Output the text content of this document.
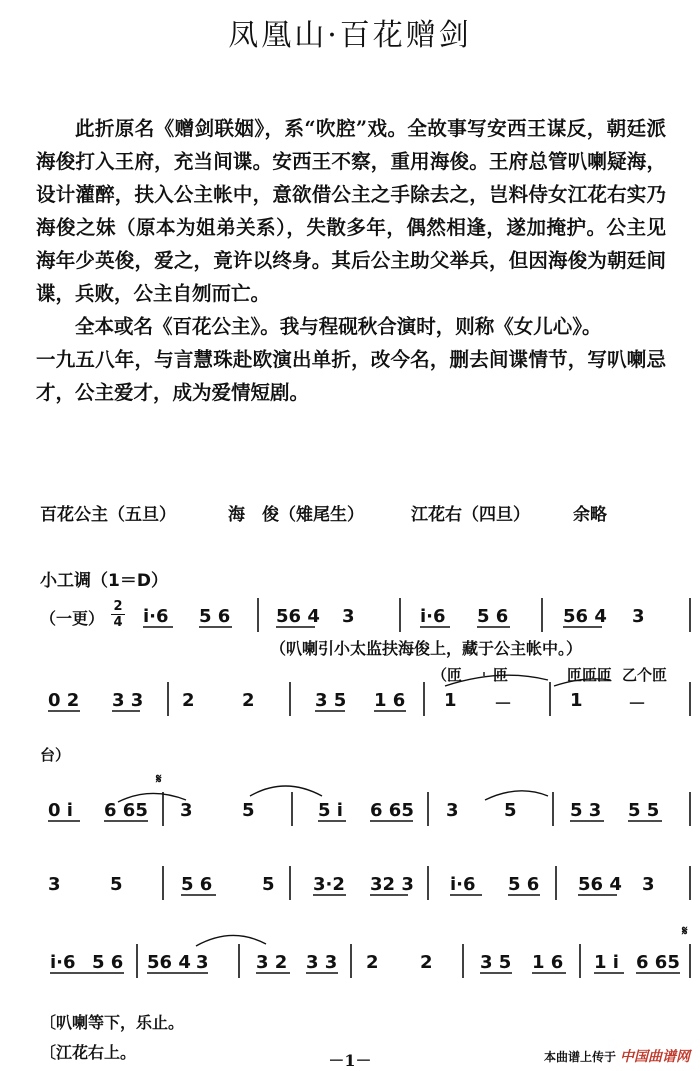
凤凰山·百花赠剑

此折原名《赠剑联姻》，系“吹腔”戏。全故事写安西王谋反，朝廷派海俊打入王府，充当间谍。安西王不察，重用海俊。王府总管叭喇疑海，设计灌醉，扶入公主帐中，意欲借公主之手除去之，岂料侍女江花右实乃海俊之妹（原本为姐弟关系），失散多年，偶然相逢，遂加掩护。公主见海年少英俊，爱之，竟许以终身。其后公主助父举兵，但因海俊为朝廷间谍，兵败，公主自刎而亡。

全本或名《百花公主》。我与程砚秋合演时，则称《女儿心》。

一九五八年，与言慧珠赴欧演出单折，改今名，删去间谍情节，写叭喇忌才，公主爱才，成为爱情短剧。

百花公主（五旦）	海　俊（雉尾生）	江花右（四旦）	余略
小工调（1＝D）
（一更）
2
4 i·6 5 6	56 4 3	i·6 5 6	56 4 3
（叭喇引小太监扶海俊上，藏于公主帐中。）
（匝 匝	匝匝匝 乙个匝
0 2 3 3 2	2	3 5 1 6 1 －	1	－
台）
𝄋
0 i 6 65 3	5	5 i 6 65 3	5	5 3 5 5
3	5	5 6	5 3·2 32 3 i·6 5 6 56 4 3
𝄋
i·6 5 6 56 4 3	3 2 3 3 2 2	3 5 1 6 1 i 6 65
〔叭喇等下，乐止。
〔江花右上。	－1－	本曲谱上传于 中国曲谱网
